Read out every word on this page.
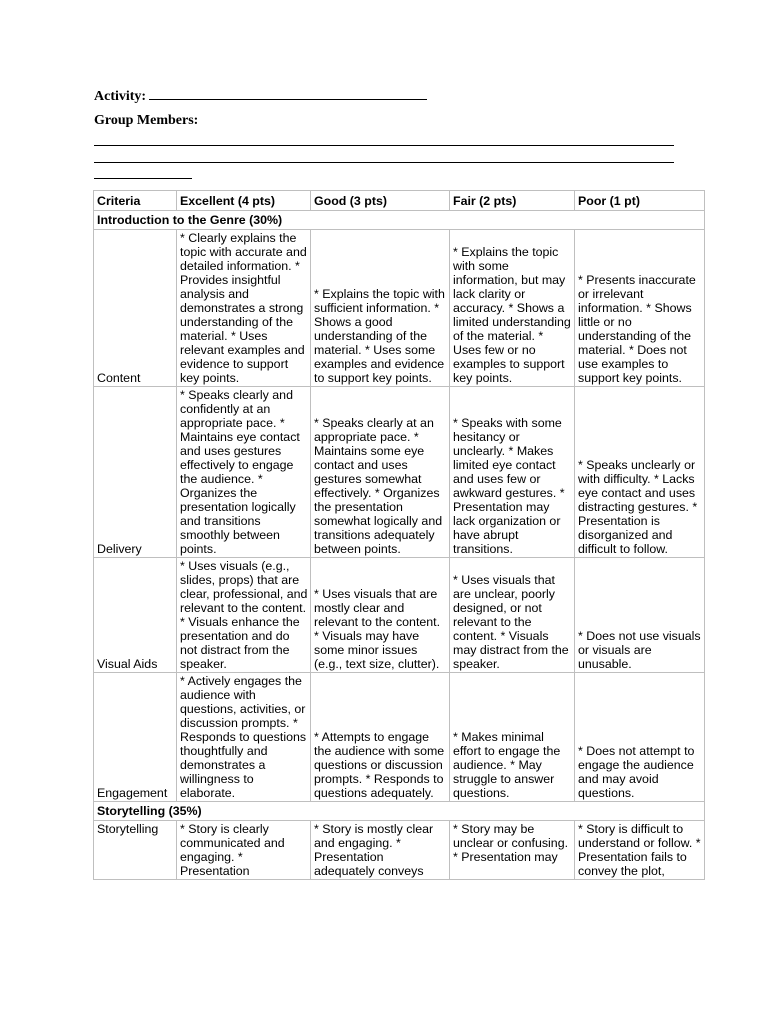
Activity:
Group Members:
Criteria	Excellent (4 pts)	Good (3 pts)	Fair (2 pts)	Poor (1 pt)
Introduction to the Genre (30%)				
Content	* Clearly explains the topic with accurate and detailed information. * Provides insightful analysis and demonstrates a strong understanding of the material. * Uses relevant examples and evidence to support key points.	* Explains the topic with sufficient information. * Shows a good understanding of the material. * Uses some examples and evidence to support key points.	* Explains the topic with some information, but may lack clarity or accuracy. * Shows a limited understanding of the material. * Uses few or no examples to support key points.	* Presents inaccurate or irrelevant information. * Shows little or no understanding of the material. * Does not use examples to support key points.
Delivery	* Speaks clearly and confidently at an appropriate pace. * Maintains eye contact and uses gestures effectively to engage the audience. * Organizes the presentation logically and transitions smoothly between points.	* Speaks clearly at an appropriate pace. * Maintains some eye contact and uses gestures somewhat effectively. * Organizes the presentation somewhat logically and transitions adequately between points.	* Speaks with some hesitancy or unclearly. * Makes limited eye contact and uses few or awkward gestures. * Presentation may lack organization or have abrupt transitions.	* Speaks unclearly or with difficulty. * Lacks eye contact and uses distracting gestures. * Presentation is disorganized and difficult to follow.
Visual Aids	* Uses visuals (e.g., slides, props) that are clear, professional, and relevant to the content. * Visuals enhance the presentation and do not distract from the speaker.	* Uses visuals that are mostly clear and relevant to the content. * Visuals may have some minor issues (e.g., text size, clutter).	* Uses visuals that are unclear, poorly designed, or not relevant to the content. * Visuals may distract from the speaker.	* Does not use visuals or visuals are unusable.
Engagement	* Actively engages the audience with questions, activities, or discussion prompts. * Responds to questions thoughtfully and demonstrates a willingness to elaborate.	* Attempts to engage the audience with some questions or discussion prompts. * Responds to questions adequately.	* Makes minimal effort to engage the audience. * May struggle to answer questions.	* Does not attempt to engage the audience and may avoid questions.
Storytelling (35%)				

Storytelling	* Story is clearly communicated and engaging. * Presentation	* Story is mostly clear and engaging. * Presentation adequately conveys	* Story may be unclear or confusing. * Presentation may	* Story is difficult to understand or follow. * Presentation fails to convey the plot,
